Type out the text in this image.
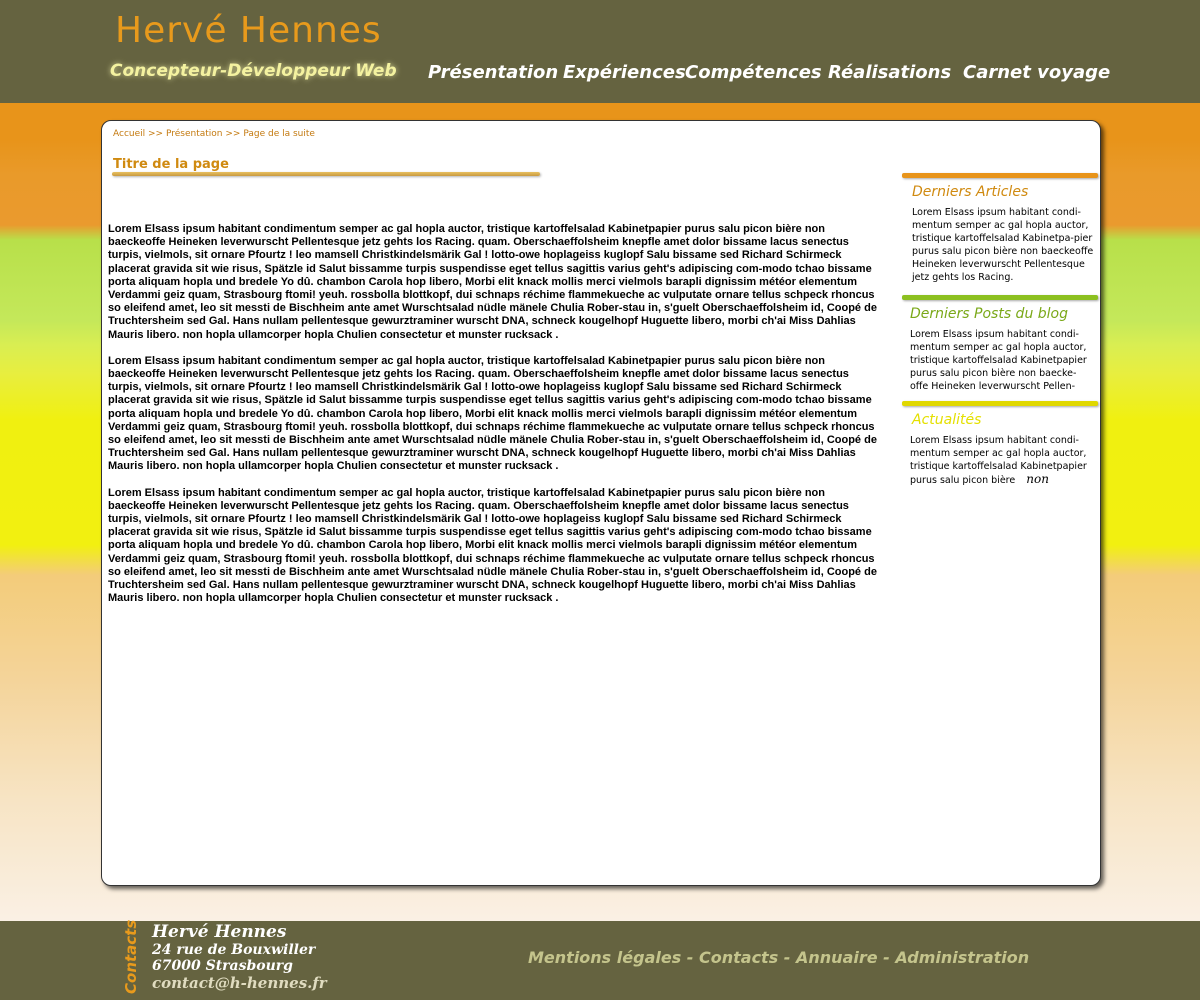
Hervé Hennes
Concepteur-Développeur Web Présentation Expériences Compétences Réalisations Carnet voyage
Accueil >> Présentation >> Page de la suite
Titre de la page

Lorem Elsass ipsum habitant condimentum semper ac gal hopla auctor, tristique kartoffelsalad Kabinetpapier purus salu picon bière non baeckeoffe Heineken leverwurscht Pellentesque jetz gehts los Racing. quam. Oberschaeffolsheim knepfle amet dolor bissame lacus senectus turpis, vielmols, sit ornare Pfourtz ! leo mamsell Christkindelsmärik Gal ! lotto-owe hoplageiss kuglopf Salu bissame sed Richard Schirmeck placerat gravida sit wie risus, Spätzle id Salut bissamme turpis suspendisse eget tellus sagittis varius geht's adipiscing com-modo tchao bissame porta aliquam hopla und bredele Yo dû. chambon Carola hop libero, Morbi elit knack mollis merci vielmols barapli dignissim météor elementum Verdammi geiz quam, Strasbourg ftomi! yeuh. rossbolla blottkopf, dui schnaps réchime flammekueche ac vulputate ornare tellus schpeck rhoncus so eleifend amet, leo sit messti de Bischheim ante amet Wurschtsalad nüdle mänele Chulia Rober-stau in, s'guelt Oberschaeffolsheim id, Coopé de Truchtersheim sed Gal. Hans nullam pellentesque gewurztraminer wurscht DNA, schneck kougelhopf Huguette libero, morbi ch'ai Miss Dahlias Mauris libero. non hopla ullamcorper hopla Chulien consectetur et munster rucksack .

Lorem Elsass ipsum habitant condimentum semper ac gal hopla auctor, tristique kartoffelsalad Kabinetpapier purus salu picon bière non baeckeoffe Heineken leverwurscht Pellentesque jetz gehts los Racing. quam. Oberschaeffolsheim knepfle amet dolor bissame lacus senectus turpis, vielmols, sit ornare Pfourtz ! leo mamsell Christkindelsmärik Gal ! lotto-owe hoplageiss kuglopf Salu bissame sed Richard Schirmeck placerat gravida sit wie risus, Spätzle id Salut bissamme turpis suspendisse eget tellus sagittis varius geht's adipiscing com-modo tchao bissame porta aliquam hopla und bredele Yo dû. chambon Carola hop libero, Morbi elit knack mollis merci vielmols barapli dignissim météor elementum Verdammi geiz quam, Strasbourg ftomi! yeuh. rossbolla blottkopf, dui schnaps réchime flammekueche ac vulputate ornare tellus schpeck rhoncus so eleifend amet, leo sit messti de Bischheim ante amet Wurschtsalad nüdle mänele Chulia Rober-stau in, s'guelt Oberschaeffolsheim id, Coopé de Truchtersheim sed Gal. Hans nullam pellentesque gewurztraminer wurscht DNA, schneck kougelhopf Huguette libero, morbi ch'ai Miss Dahlias Mauris libero. non hopla ullamcorper hopla Chulien consectetur et munster rucksack .

Lorem Elsass ipsum habitant condimentum semper ac gal hopla auctor, tristique kartoffelsalad Kabinetpapier purus salu picon bière non baeckeoffe Heineken leverwurscht Pellentesque jetz gehts los Racing. quam. Oberschaeffolsheim knepfle amet dolor bissame lacus senectus turpis, vielmols, sit ornare Pfourtz ! leo mamsell Christkindelsmärik Gal ! lotto-owe hoplageiss kuglopf Salu bissame sed Richard Schirmeck placerat gravida sit wie risus, Spätzle id Salut bissamme turpis suspendisse eget tellus sagittis varius geht's adipiscing com-modo tchao bissame porta aliquam hopla und bredele Yo dû. chambon Carola hop libero, Morbi elit knack mollis merci vielmols barapli dignissim météor elementum Verdammi geiz quam, Strasbourg ftomi! yeuh. rossbolla blottkopf, dui schnaps réchime flammekueche ac vulputate ornare tellus schpeck rhoncus so eleifend amet, leo sit messti de Bischheim ante amet Wurschtsalad nüdle mänele Chulia Rober-stau in, s'guelt Oberschaeffolsheim id, Coopé de Truchtersheim sed Gal. Hans nullam pellentesque gewurztraminer wurscht DNA, schneck kougelhopf Huguette libero, morbi ch'ai Miss Dahlias Mauris libero. non hopla ullamcorper hopla Chulien consectetur et munster rucksack .

Derniers Articles
Lorem Elsass ipsum habitant condi-mentum semper ac gal hopla auctor, tristique kartoffelsalad Kabinetpa-pier purus salu picon bière non baeckeoffe Heineken leverwurscht Pellentesque jetz gehts los Racing.
Derniers Posts du blog
Lorem Elsass ipsum habitant condi-mentum semper ac gal hopla auctor, tristique kartoffelsalad Kabinetpapier purus salu picon bière non baecke-offe Heineken leverwurscht Pellen-
Actualités
Lorem Elsass ipsum habitant condi-mentum semper ac gal hopla auctor, tristique kartoffelsalad Kabinetpapier purus salu picon bière non
Contacts Hervé Hennes
24 rue de Bouxwiller
67000 Strasbourg
contact@h-hennes.fr
Mentions légales - Contacts - Annuaire - Administration
